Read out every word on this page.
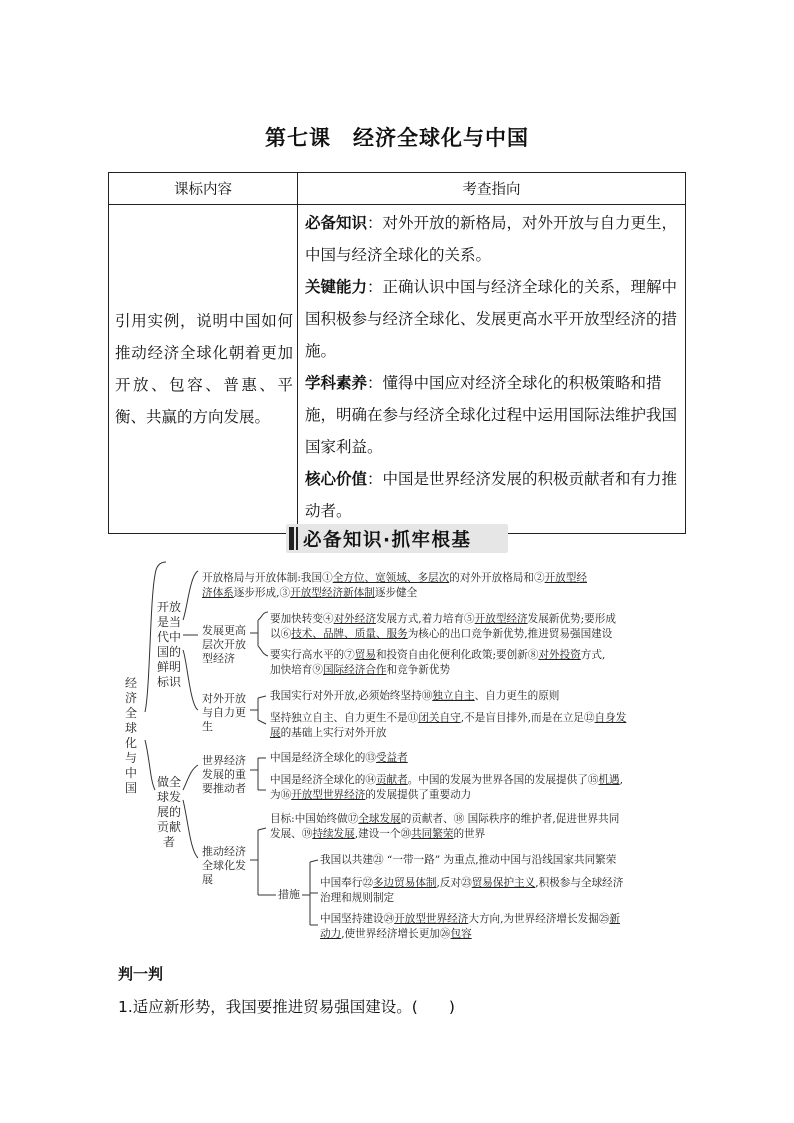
第七课　经济全球化与中国
课标内容	考查指向
引用实例，说明中国如何推动经济全球化朝着更加开放、包容、普惠、平衡、共赢的方向发展。	必备知识：对外开放的新格局，对外开放与自力更生，中国与经济全球化的关系。

关键能力：正确认识中国与经济全球化的关系，理解中国积极参与经济全球化、发展更高水平开放型经济的措施。

学科素养：懂得中国应对经济全球化的积极策略和措施，明确在参与经济全球化过程中运用国际法维护我国国家利益。

核心价值：中国是世界经济发展的积极贡献者和有力推动者。

必备知识·抓牢根基
经济全球化与中国
开放是当代中国的鲜明标识
做全球发展的贡献者
发展更高层次开放型经济
对外开放与自力更生
世界经济发展的重要推动者
推动经济全球化发展
措施
开放格局与开放体制:我国①全方位、宽领域、多层次的对外开放格局和②开放型经
济体系逐步形成,③开放型经济新体制逐步健全
要加快转变④对外经济发展方式,着力培育⑤开放型经济发展新优势;要形成
以⑥技术、品牌、质量、服务为核心的出口竞争新优势,推进贸易强国建设
要实行高水平的⑦贸易和投资自由化便利化政策;要创新⑧对外投资方式,
加快培育⑨国际经济合作和竞争新优势
我国实行对外开放,必须始终坚持⑩独立自主、自力更生的原则
坚持独立自主、自力更生不是⑪闭关自守,不是盲目排外,而是在立足⑫自身发
展的基础上实行对外开放
中国是经济全球化的⑬受益者
中国是经济全球化的⑭贡献者。中国的发展为世界各国的发展提供了⑮机遇,
为⑯开放型世界经济的发展提供了重要动力
目标:中国始终做⑰全球发展的贡献者、⑱ 国际秩序的维护者,促进世界共同
发展、⑲持续发展,建设一个⑳共同繁荣的世界
我国以共建㉑ “一带一路” 为重点,推动中国与沿线国家共同繁荣
中国奉行㉒多边贸易体制,反对㉓贸易保护主义,积极参与全球经济
治理和规则制定
中国坚持建设㉔开放型世界经济大方向,为世界经济增长发掘㉕新
动力,使世界经济增长更加㉖包容
判一判
1.适应新形势，我国要推进贸易强国建设。(　　)
